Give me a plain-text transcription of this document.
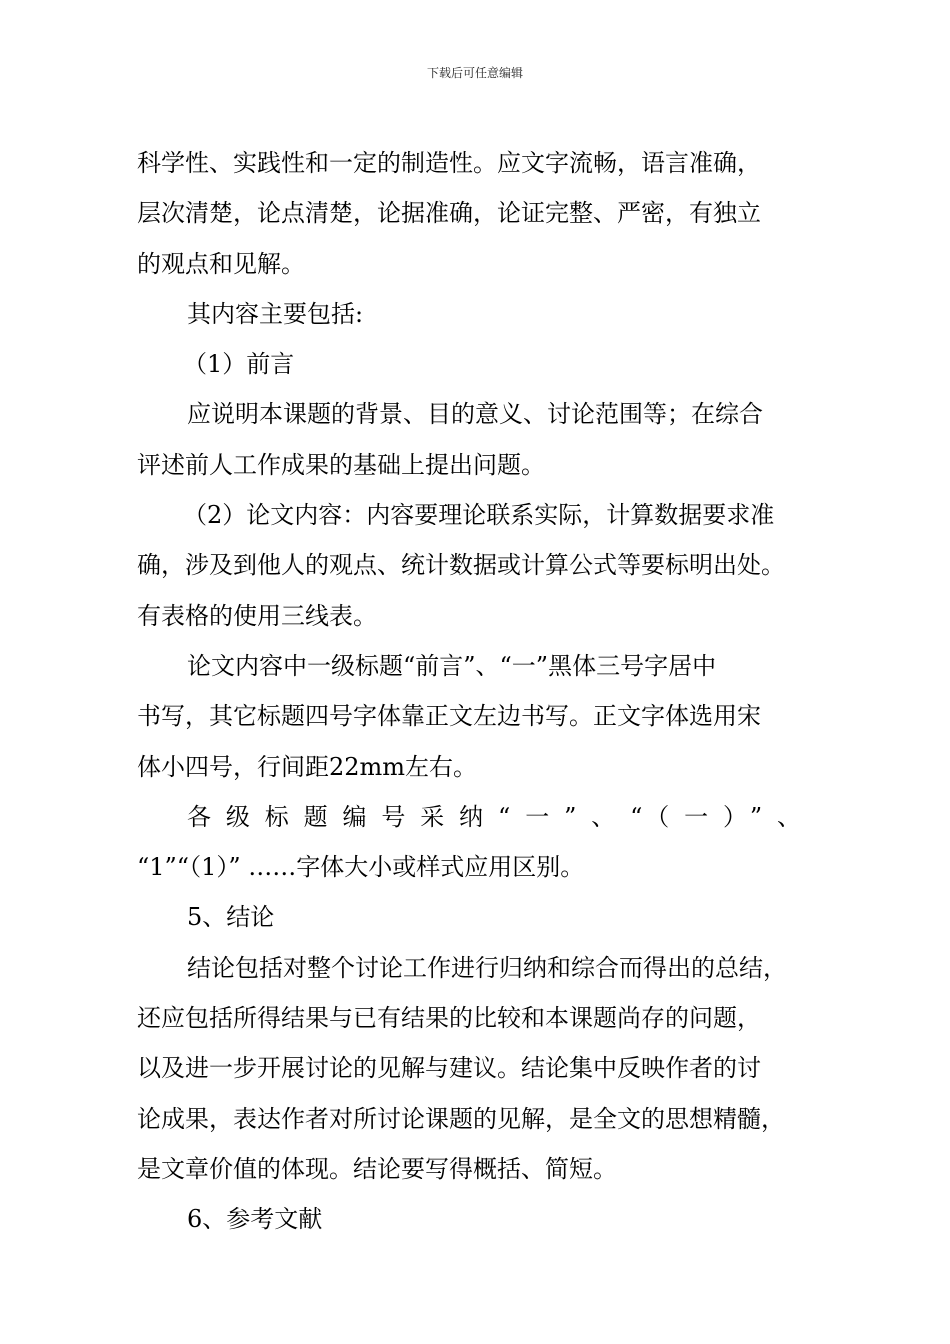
下载后可任意编辑
科学性、实践性和一定的制造性。应文字流畅，语言准确，
层次清楚，论点清楚，论据准确，论证完整、严密，有独立
的观点和见解。
其内容主要包括:
（1）前言
应说明本课题的背景、目的意义、讨论范围等；在综合
评述前人工作成果的基础上提出问题。
（2）论文内容：内容要理论联系实际，计算数据要求准
确，涉及到他人的观点、统计数据或计算公式等要标明出处。
有表格的使用三线表。
论文内容中一级标题“前言”、“一”黑体三号字居中
书写，其它标题四号字体靠正文左边书写。正文字体选用宋
体小四号，行间距22mm左右。
各级标题编号采纳“一”、“（一）”、
“1”“（1）” ……字体大小或样式应用区别。
5、结论
结论包括对整个讨论工作进行归纳和综合而得出的总结，
还应包括所得结果与已有结果的比较和本课题尚存的问题，
以及进一步开展讨论的见解与建议。结论集中反映作者的讨
论成果，表达作者对所讨论课题的见解，是全文的思想精髓，
是文章价值的体现。结论要写得概括、简短。
6、参考文献
